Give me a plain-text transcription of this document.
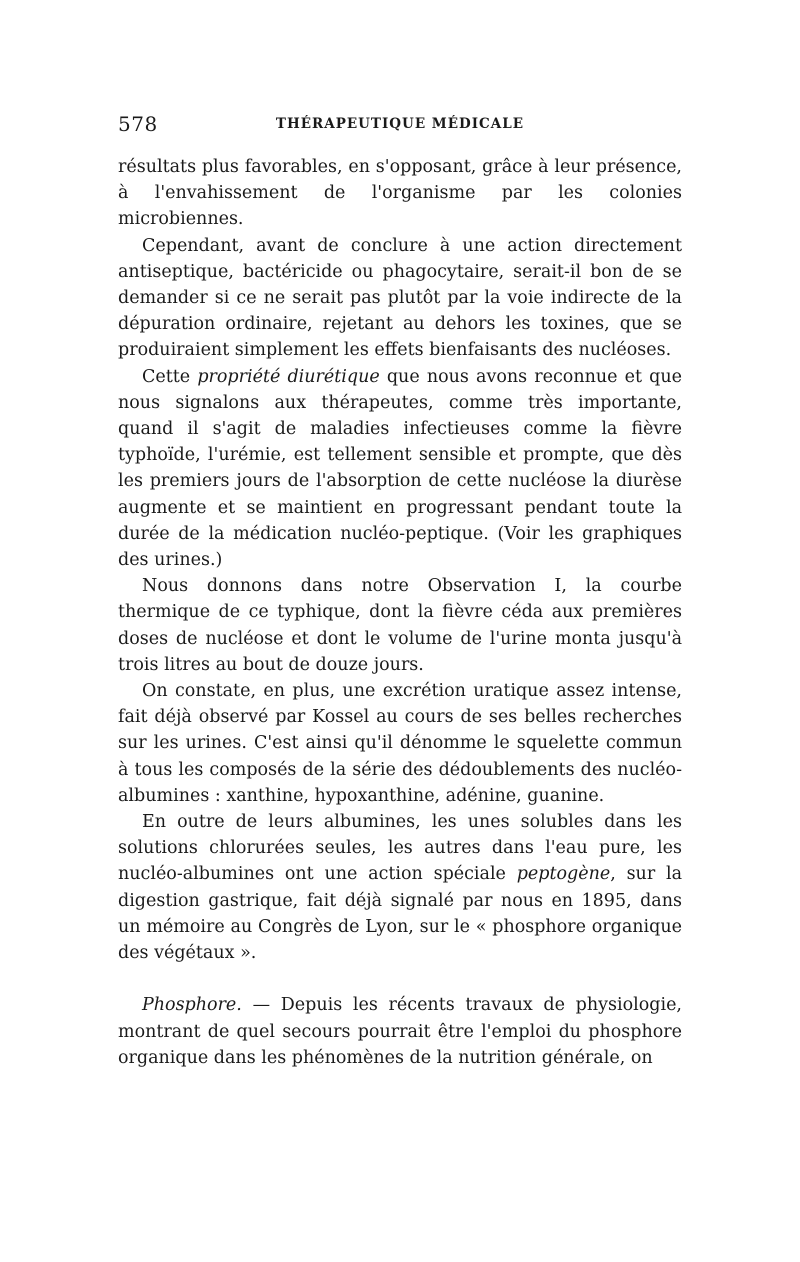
578	THÉRAPEUTIQUE MÉDICALE

résultats plus favorables, en s'opposant, grâce à leur présence, à l'envahissement de l'organisme par les colonies microbiennes.

Cependant, avant de conclure à une action directement antiseptique, bactéricide ou phagocytaire, serait-il bon de se demander si ce ne serait pas plutôt par la voie indirecte de la dépuration ordinaire, rejetant au dehors les toxines, que se produiraient simplement les effets bienfaisants des nucléoses.

Cette propriété diurétique que nous avons reconnue et que nous signalons aux thérapeutes, comme très importante, quand il s'agit de maladies infectieuses comme la fièvre typhoïde, l'urémie, est tellement sensible et prompte, que dès les premiers jours de l'absorption de cette nucléose la diurèse augmente et se maintient en progressant pendant toute la durée de la médication nucléo-peptique. (Voir les graphiques des urines.)

Nous donnons dans notre Observation I, la courbe thermique de ce typhique, dont la fièvre céda aux premières doses de nucléose et dont le volume de l'urine monta jusqu'à trois litres au bout de douze jours.

On constate, en plus, une excrétion uratique assez intense, fait déjà observé par Kossel au cours de ses belles recherches sur les urines. C'est ainsi qu'il dénomme le squelette commun à tous les composés de la série des dédoublements des nucléo-albumines : xanthine, hypoxanthine, adénine, guanine.

En outre de leurs albumines, les unes solubles dans les solutions chlorurées seules, les autres dans l'eau pure, les nucléo-albumines ont une action spéciale peptogène, sur la digestion gastrique, fait déjà signalé par nous en 1895, dans un mémoire au Congrès de Lyon, sur le « phosphore organique des végétaux ».

Phosphore. — Depuis les récents travaux de physiologie, montrant de quel secours pourrait être l'emploi du phosphore organique dans les phénomènes de la nutrition générale, on
